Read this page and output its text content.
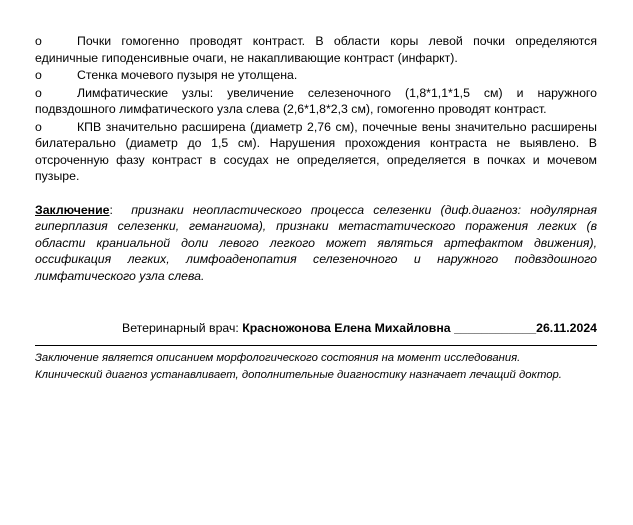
o	Почки гомогенно проводят контраст. В области коры левой почки определяются единичные гиподенсивные очаги, не накапливающие контраст (инфаркт).
o	Стенка мочевого пузыря не утолщена.
o	Лимфатические узлы: увеличение селезеночного (1,8*1,1*1,5 см) и наружного подвздошного лимфатического узла слева (2,6*1,8*2,3 см), гомогенно проводят контраст.
o	КПВ значительно расширена (диаметр 2,76 см), почечные вены значительно расширены билатерально (диаметр до 1,5 см). Нарушения прохождения контраста не выявлено. В отсроченную фазу контраст в сосудах не определяется, определяется в почках и мочевом пузыре.
Заключение: признаки неопластического процесса селезенки (диф.диагноз: нодулярная гиперплазия селезенки, гемангиома), признаки метастатического поражения легких (в области краниальной доли левого легкого может являться артефактом движения), оссификация легких, лимфоаденопатия селезеночного и наружного подвздошного лимфатического узла слева.
Ветеринарный врач: Красножонова Елена Михайловна ____________26.11.2024
Заключение является описанием морфологического состояния на момент исследования. Клинический диагноз устанавливает, дополнительные диагностику назначает лечащий доктор.
